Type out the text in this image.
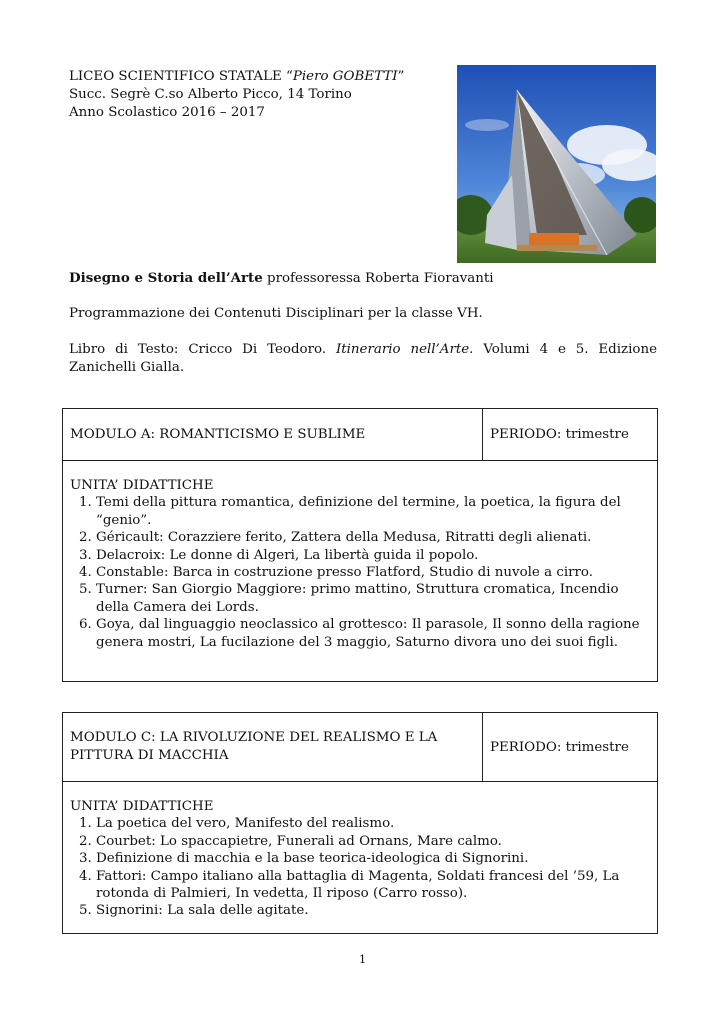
LICEO SCIENTIFICO STATALE “Piero GOBETTI”
Succ. Segrè C.so Alberto Picco, 14 Torino
Anno Scolastico 2016 – 2017
Disegno e Storia dell’Arte professoressa Roberta Fioravanti
Programmazione dei Contenuti Disciplinari per la classe VH.
Libro di Testo: Cricco Di Teodoro. Itinerario nell’Arte. Volumi 4 e 5. Edizione Zanichelli Gialla.
MODULO A: ROMANTICISMO E SUBLIME	PERIODO: trimestre
UNITA’ DIDATTICHE
1. Temi della pittura romantica, definizione del termine, la poetica, la figura del “genio”.
2. Géricault: Corazziere ferito, Zattera della Medusa, Ritratti degli alienati.
3. Delacroix: Le donne di Algeri, La libertà guida il popolo.
4. Constable: Barca in costruzione presso Flatford, Studio di nuvole a cirro.
5. Turner: San Giorgio Maggiore: primo mattino, Struttura cromatica, Incendio della Camera dei Lords.
6. Goya, dal linguaggio neoclassico al grottesco: Il parasole, Il sonno della ragione genera mostri, La fucilazione del 3 maggio, Saturno divora uno dei suoi figli.
MODULO C: LA RIVOLUZIONE DEL REALISMO E LA PITTURA DI MACCHIA
PERIODO: trimestre
UNITA’ DIDATTICHE
1. La poetica del vero, Manifesto del realismo.
2. Courbet: Lo spaccapietre, Funerali ad Ornans, Mare calmo.
3. Definizione di macchia e la base teorica-ideologica di Signorini.
4. Fattori: Campo italiano alla battaglia di Magenta, Soldati francesi del ’59, La rotonda di Palmieri, In vedetta, Il riposo (Carro rosso).
5. Signorini: La sala delle agitate.
1
